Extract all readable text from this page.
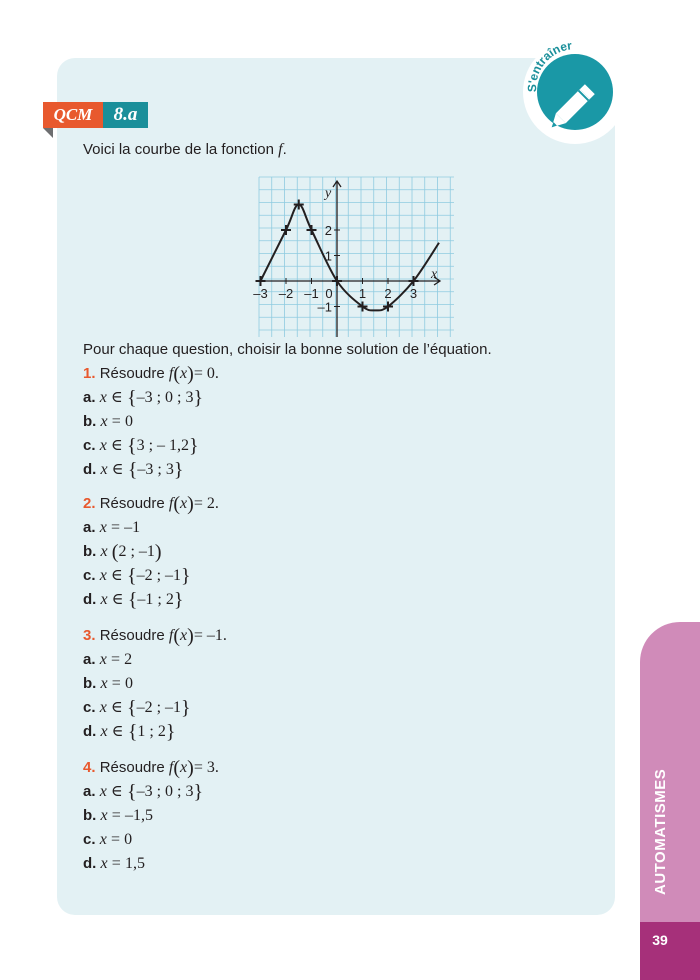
S'entraîner
QCM	8.a
Voici la courbe de la fonction f.
–3 –2 –1 0 1 2 3
2
1
–1
x
y
Pour chaque question, choisir la bonne solution de l’équation.
1. Résoudre f(x)= 0.
a. x ∈ {–3 ; 0 ; 3}
b. x = 0
c. x ∈ {3 ; – 1,2}
d. x ∈ {–3 ; 3}
2. Résoudre f(x)= 2.
a. x = –1
b. x (2 ; –1)
c. x ∈ {–2 ; –1}
d. x ∈ {–1 ; 2}
3. Résoudre f(x)= –1.
a. x = 2
b. x = 0
c. x ∈ {–2 ; –1}
d. x ∈ {1 ; 2}
4. Résoudre f(x)= 3.
a. x ∈ {–3 ; 0 ; 3}
b. x = –1,5
c. x = 0
d. x = 1,5	AUTOMATISMES
39
